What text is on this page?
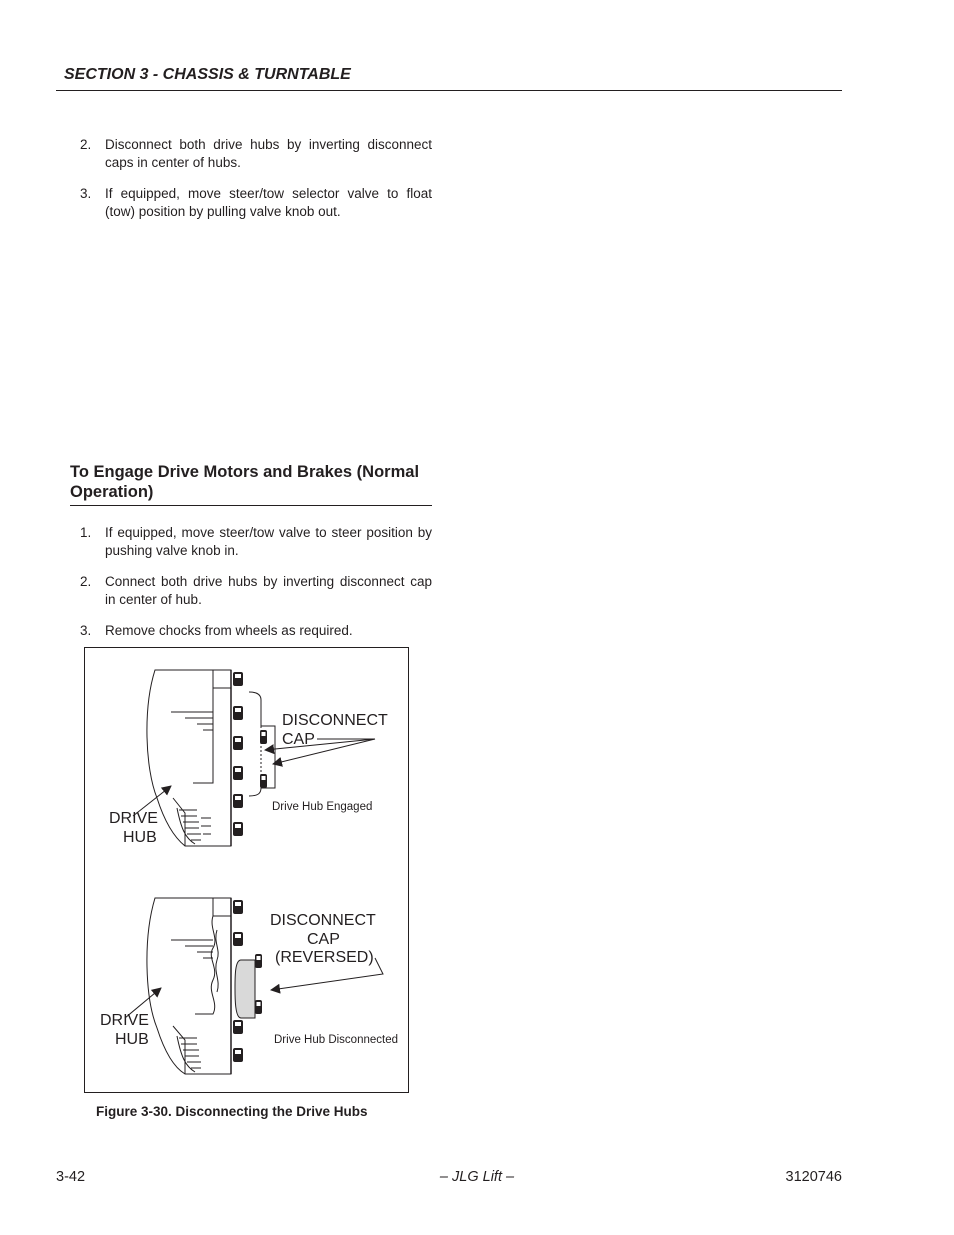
SECTION 3 - CHASSIS & TURNTABLE
2.	Disconnect both drive hubs by inverting disconnect caps in center of hubs.
3.	If equipped, move steer/tow selector valve to float (tow) position by pulling valve knob out.
To Engage Drive Motors and Brakes (Normal Operation)
1.	If equipped, move steer/tow valve to steer position by pushing valve knob in.
2.	Connect both drive hubs by inverting disconnect cap in center of hub.
3.	Remove chocks from wheels as required.
DISCONNECT
CAP
DRIVE
HUB
Drive Hub Engaged
DISCONNECT
CAP
(REVERSED)
DRIVE
HUB	Drive Hub Disconnected
Figure 3-30. Disconnecting the Drive Hubs
3-42	– JLG Lift –	3120746
